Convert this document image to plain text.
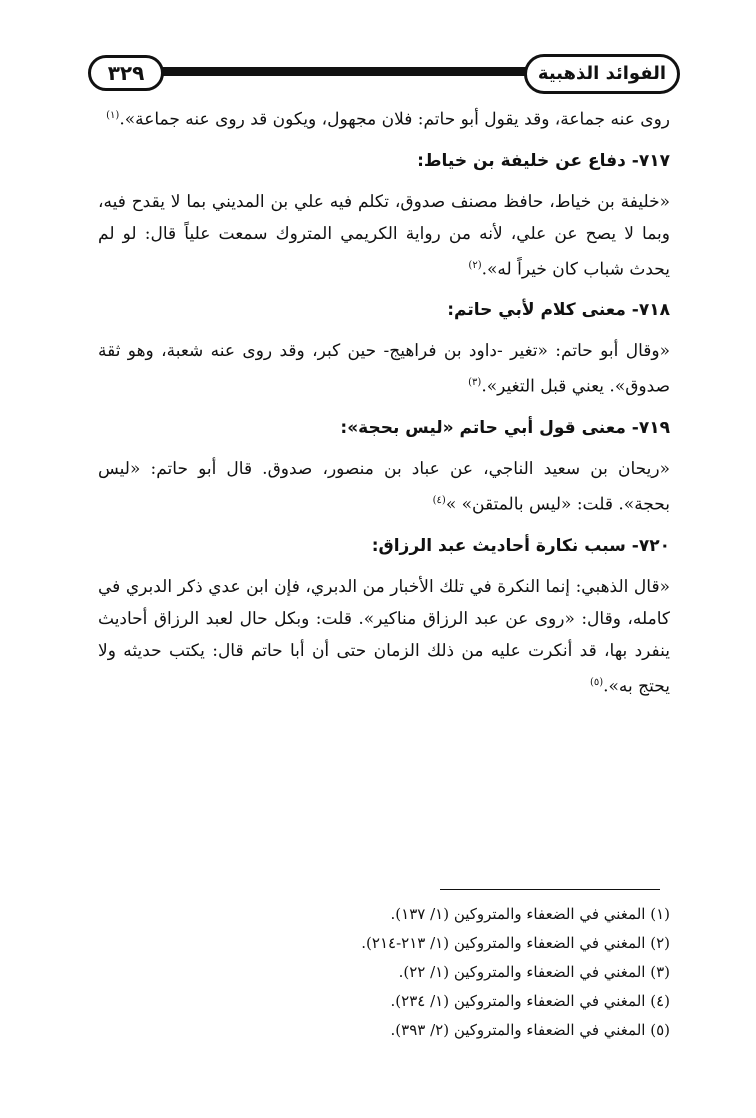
٣٢٩	الفوائد الذهبية

روى عنه جماعة، وقد يقول أبو حاتم: فلان مجهول، ويكون قد روى عنه جماعة».$^{(١)}$

٧١٧- دفاع عن خليفة بن خياط:

«خليفة بن خياط، حافظ مصنف صدوق، تكلم فيه علي بن المديني بما لا يقدح فيه، وبما لا يصح عن علي، لأنه من رواية الكريمي المتروك سمعت علياً قال: لو لم يحدث شباب كان خيراً له».$^{(٢)}$

٧١٨- معنى كلام لأبي حاتم:

«وقال أبو حاتم: «تغير -داود بن فراهيج- حين كبر، وقد روى عنه شعبة، وهو ثقة صدوق». يعني قبل التغير».$^{(٣)}$

٧١٩- معنى قول أبي حاتم «ليس بحجة»:

«ريحان بن سعيد الناجي، عن عباد بن منصور، صدوق. قال أبو حاتم: «ليس بحجة». قلت: «ليس بالمتقن» »$^{(٤)}$

٧٢٠- سبب نكارة أحاديث عبد الرزاق:

«قال الذهبي: إنما النكرة في تلك الأخبار من الدبري، فإن ابن عدي ذكر الدبري في كامله، وقال: «روى عن عبد الرزاق مناكير». قلت: وبكل حال لعبد الرزاق أحاديث ينفرد بها، قد أنكرت عليه من ذلك الزمان حتى أن أبا حاتم قال: يكتب حديثه ولا يحتج به».$^{(٥)}$

(١) المغني في الضعفاء والمتروكين (١/ ١٣٧).
(٢) المغني في الضعفاء والمتروكين (١/ ٢١٣-٢١٤).
(٣) المغني في الضعفاء والمتروكين (١/ ٢٢).
(٤) المغني في الضعفاء والمتروكين (١/ ٢٣٤).
(٥) المغني في الضعفاء والمتروكين (٢/ ٣٩٣).
